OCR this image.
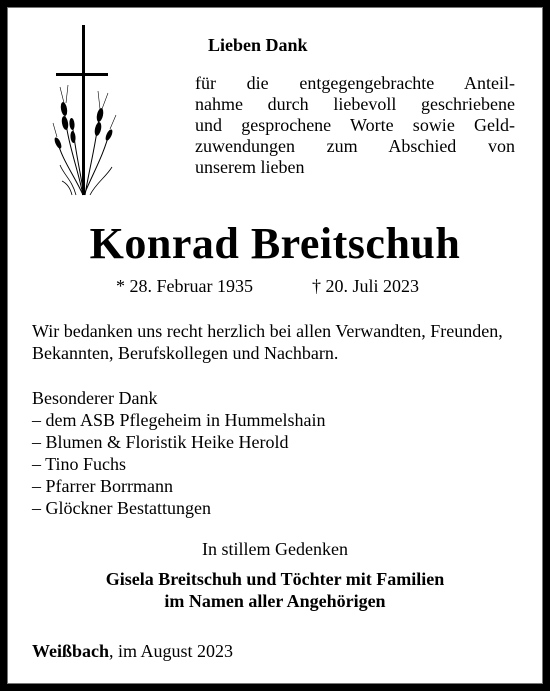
Lieben Dank
für die entgegengebrachte Anteil-
nahme durch liebevoll geschriebene
und gesprochene Worte sowie Geld-
zuwendungen zum Abschied von
unserem lieben
Konrad Breitschuh
* 28. Februar 1935	† 20. Juli 2023
Wir bedanken uns recht herzlich bei allen Verwandten, Freunden, Bekannten, Berufskollegen und Nachbarn.
Besonderer Dank
– dem ASB Pflegeheim in Hummelshain
– Blumen & Floristik Heike Herold
– Tino Fuchs
– Pfarrer Borrmann
– Glöckner Bestattungen
In stillem Gedenken
Gisela Breitschuh und Töchter mit Familien
im Namen aller Angehörigen
Weißbach, im August 2023
